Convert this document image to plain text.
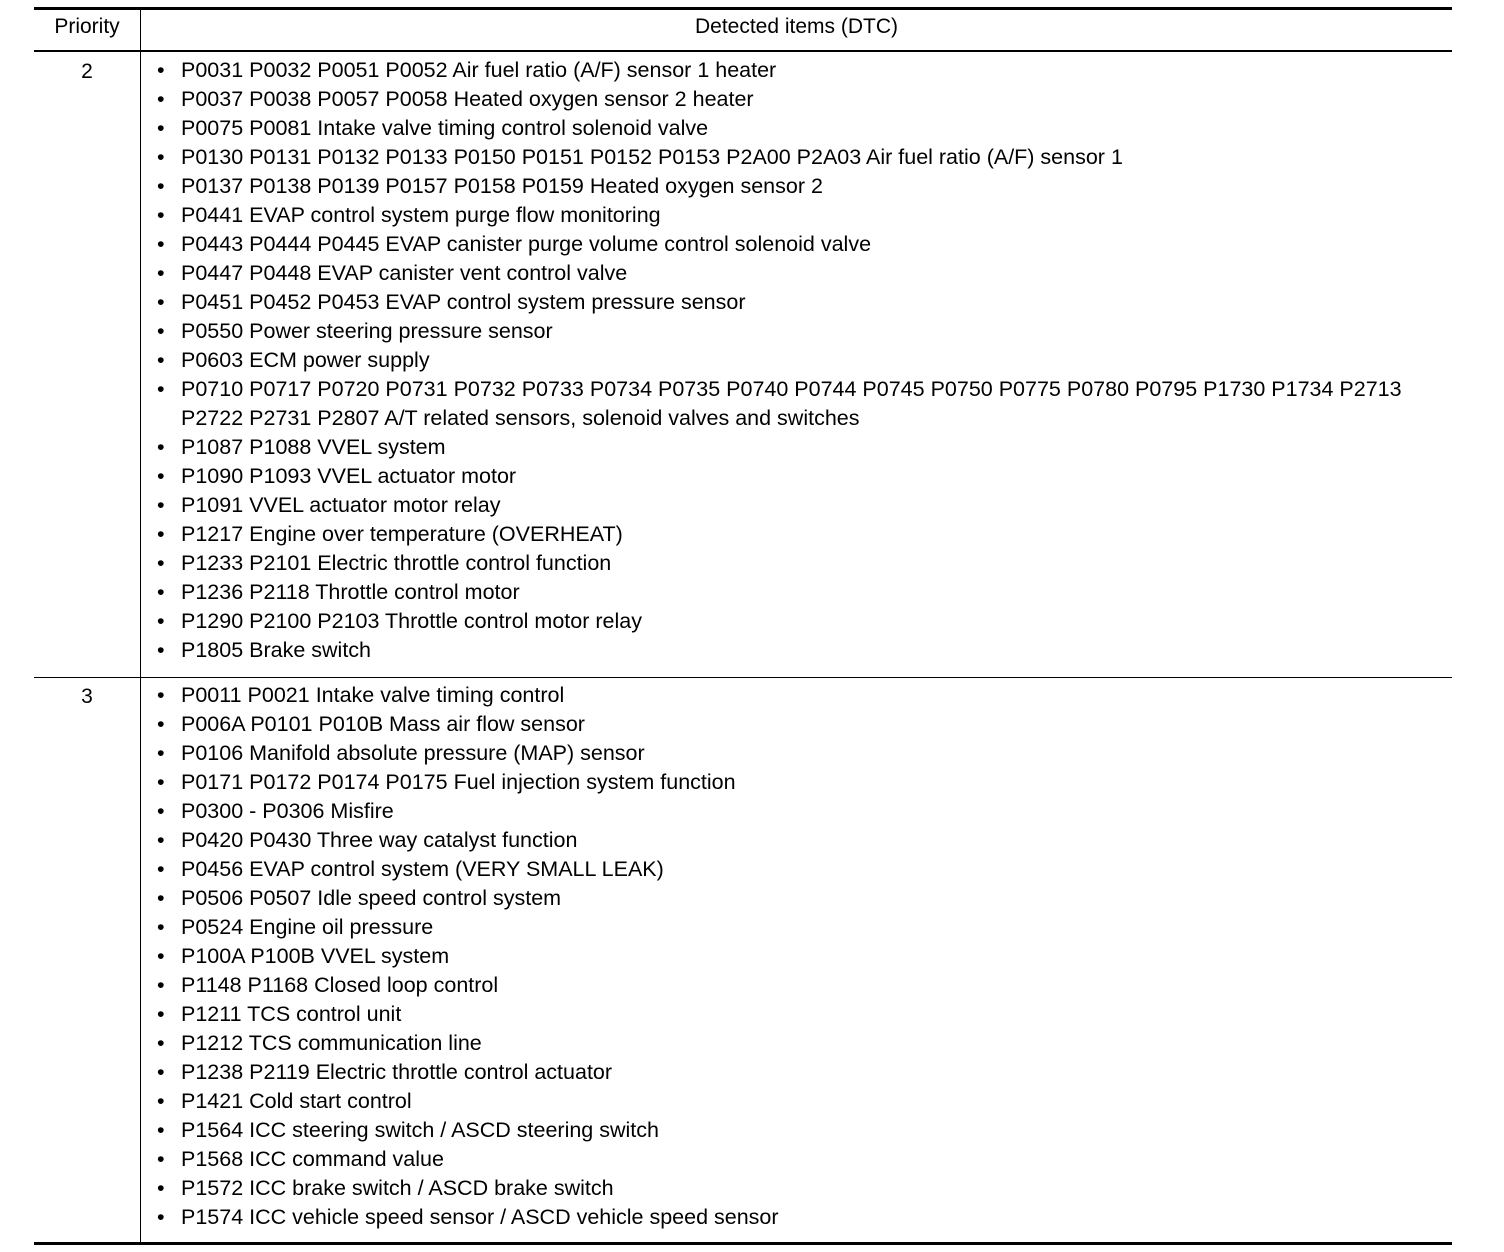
Priority	Detected items (DTC)
2	• P0031 P0032 P0051 P0052 Air fuel ratio (A/F) sensor 1 heater
• P0037 P0038 P0057 P0058 Heated oxygen sensor 2 heater
• P0075 P0081 Intake valve timing control solenoid valve
• P0130 P0131 P0132 P0133 P0150 P0151 P0152 P0153 P2A00 P2A03 Air fuel ratio (A/F) sensor 1
• P0137 P0138 P0139 P0157 P0158 P0159 Heated oxygen sensor 2
• P0441 EVAP control system purge flow monitoring
• P0443 P0444 P0445 EVAP canister purge volume control solenoid valve
• P0447 P0448 EVAP canister vent control valve
• P0451 P0452 P0453 EVAP control system pressure sensor
• P0550 Power steering pressure sensor
• P0603 ECM power supply
• P0710 P0717 P0720 P0731 P0732 P0733 P0734 P0735 P0740 P0744 P0745 P0750 P0775 P0780 P0795 P1730 P1734 P2713 P2722 P2731 P2807 A/T related sensors, solenoid valves and switches
• P1087 P1088 VVEL system
• P1090 P1093 VVEL actuator motor
• P1091 VVEL actuator motor relay
• P1217 Engine over temperature (OVERHEAT)
• P1233 P2101 Electric throttle control function
• P1236 P2118 Throttle control motor
• P1290 P2100 P2103 Throttle control motor relay
• P1805 Brake switch
3	• P0011 P0021 Intake valve timing control
• P006A P0101 P010B Mass air flow sensor
• P0106 Manifold absolute pressure (MAP) sensor
• P0171 P0172 P0174 P0175 Fuel injection system function
• P0300 - P0306 Misfire
• P0420 P0430 Three way catalyst function
• P0456 EVAP control system (VERY SMALL LEAK)
• P0506 P0507 Idle speed control system
• P0524 Engine oil pressure
• P100A P100B VVEL system
• P1148 P1168 Closed loop control
• P1211 TCS control unit
• P1212 TCS communication line
• P1238 P2119 Electric throttle control actuator
• P1421 Cold start control
• P1564 ICC steering switch / ASCD steering switch
• P1568 ICC command value
• P1572 ICC brake switch / ASCD brake switch
• P1574 ICC vehicle speed sensor / ASCD vehicle speed sensor
